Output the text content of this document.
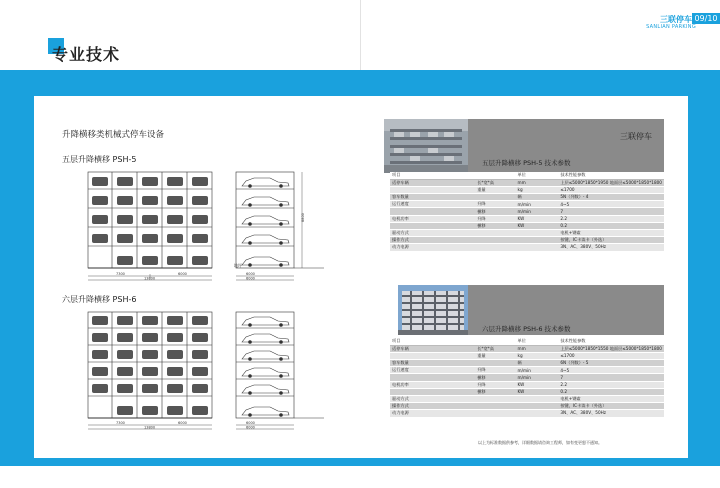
三联停车 09/10
SANLIAN PARKING
专业技术
升降横移类机械式停车设备
五层升降横移 PSH-5
六层升降横移 PSH-6
7300
13800
6000
8800
6000
6000
地坪
7300
13800
6000	6000
6000
三联停车
五层升降横移 PSH-5 技术参数
项目		单位	技术性能参数
适停车辆	长*宽*高	mm	上层≤5000*1850*1950 地面层≤5000*1850*1800
	重量	kg	≤1700
容车数量		辆	5N（列数）- 4
运行速度	升降	m/min	4~5
	横移	m/min	7
电机功率	升降	KW	2.2
	横移	KW	0.2
驱动方式			电机+钢索
操作方式			按键，IC卡读卡（外选）
动力电源			3N、AC、380V、50Hz
六层升降横移 PSH-6 技术参数
项目		单位	技术性能参数
适停车辆	长*宽*高	mm	上层≤5000*1850*1550 地面层≤5000*1850*1800
	重量	kg	≤1700
容车数量		辆	6N（列数）- 5
运行速度	升降	m/min	4~5
	横移	m/min	7
电机功率	升降	KW	2.2
	横移	KW	0.2
驱动方式			电机+钢索
操作方式			按键，IC卡读卡（外选）
动力电源			3N、AC、380V、50Hz
以上为标准数据供参考，详细数据请咨询工程师，如有变更恕不通知。
